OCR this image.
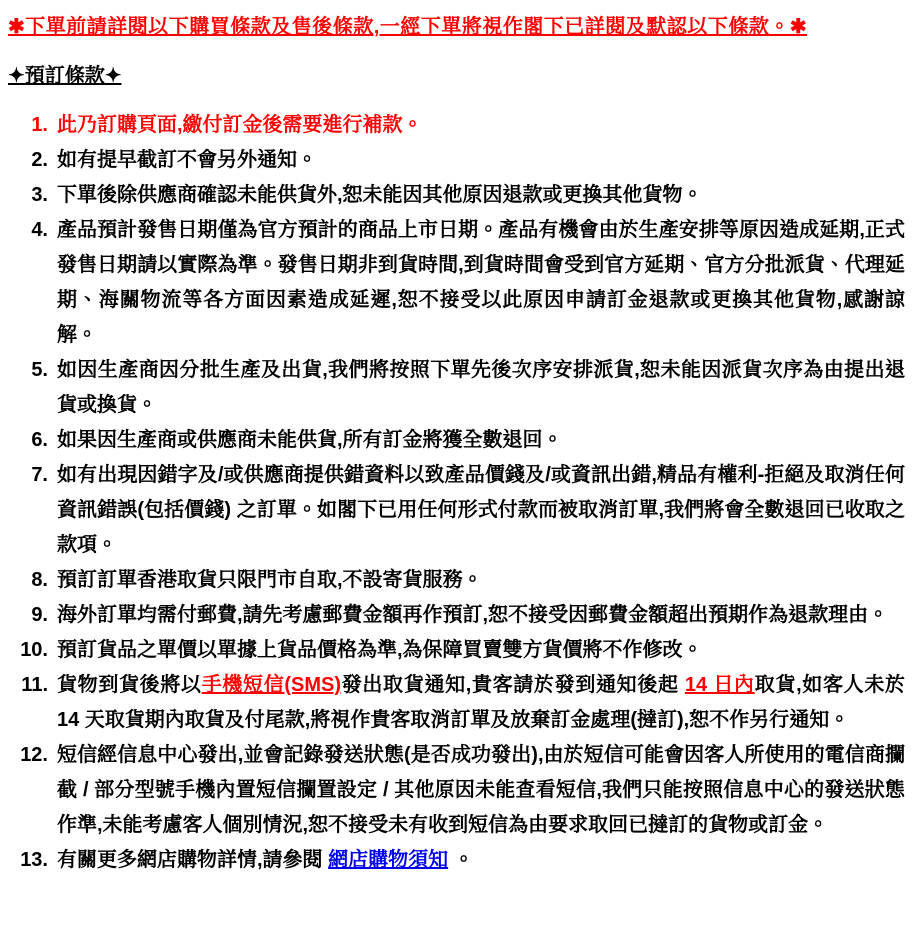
✱下單前請詳閱以下購買條款及售後條款,一經下單將視作閣下已詳閱及默認以下條款。✱
✦預訂條款✦
1. 此乃訂購頁面,繳付訂金後需要進行補款。
2. 如有提早截訂不會另外通知。
3. 下單後除供應商確認未能供貨外,恕未能因其他原因退款或更換其他貨物。
4. 產品預計發售日期僅為官方預計的商品上市日期。產品有機會由於生產安排等原因造成延期,正式發售日期請以實際為準。發售日期非到貨時間,到貨時間會受到官方延期、官方分批派貨、代理延期、海關物流等各方面因素造成延遲,恕不接受以此原因申請訂金退款或更換其他貨物,感謝諒解。
5. 如因生產商因分批生產及出貨,我們將按照下單先後次序安排派貨,恕未能因派貨次序為由提出退貨或換貨。
6. 如果因生產商或供應商未能供貨,所有訂金將獲全數退回。
7. 如有出現因錯字及/或供應商提供錯資料以致產品價錢及/或資訊出錯,精品有權利-拒絕及取消任何資訊錯誤(包括價錢) 之訂單。如閣下已用任何形式付款而被取消訂單,我們將會全數退回已收取之款項。
8. 預訂訂單香港取貨只限門市自取,不設寄貨服務。
9. 海外訂單均需付郵費,請先考慮郵費金額再作預訂,恕不接受因郵費金額超出預期作為退款理由。
10. 預訂貨品之單價以單據上貨品價格為準,為保障買賣雙方貨價將不作修改。
11. 貨物到貨後將以手機短信(SMS)發出取貨通知,貴客請於發到通知後起 14 日內取貨,如客人未於 14 天取貨期內取貨及付尾款,將視作貴客取消訂單及放棄訂金處理(撻訂),恕不作另行通知。
12. 短信經信息中心發出,並會記錄發送狀態(是否成功發出),由於短信可能會因客人所使用的電信商攔截 / 部分型號手機內置短信攔置設定 / 其他原因未能查看短信,我們只能按照信息中心的發送狀態作準,未能考慮客人個別情況,恕不接受未有收到短信為由要求取回已撻訂的貨物或訂金。
13. 有關更多網店購物詳情,請參閱 網店購物須知 。
